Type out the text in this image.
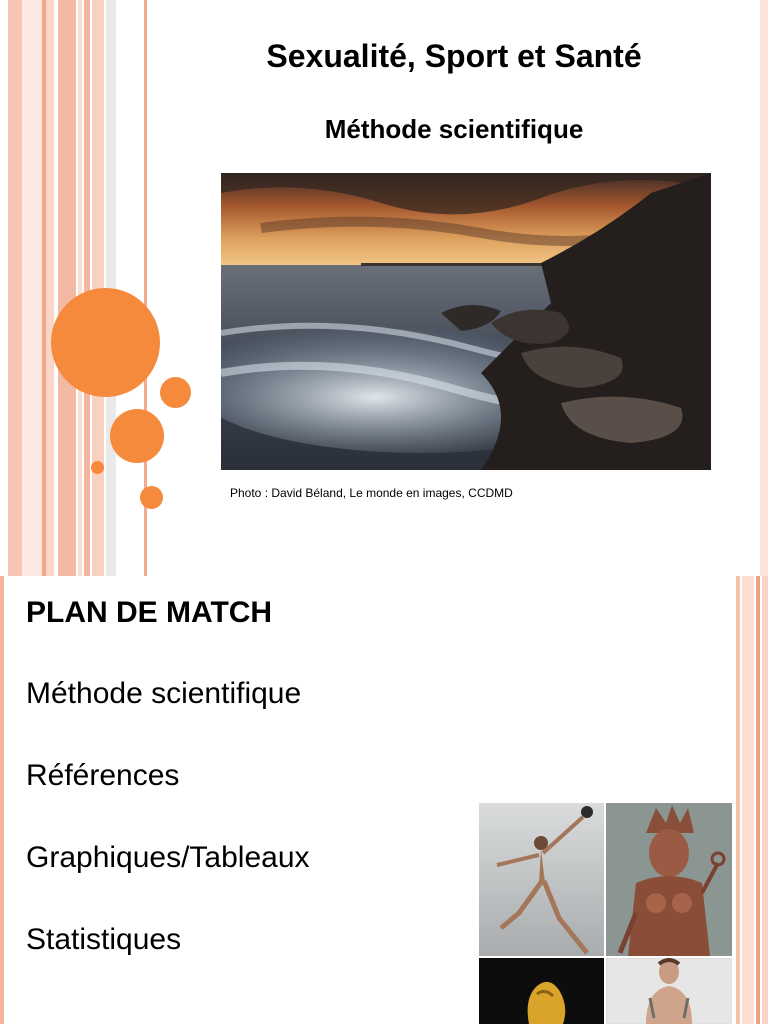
Sexualité, Sport et Santé
Méthode scientifique
Photo : David Béland, Le monde en images, CCDMD
PLAN DE MATCH
Méthode scientifique
Références
Graphiques/Tableaux
Statistiques
